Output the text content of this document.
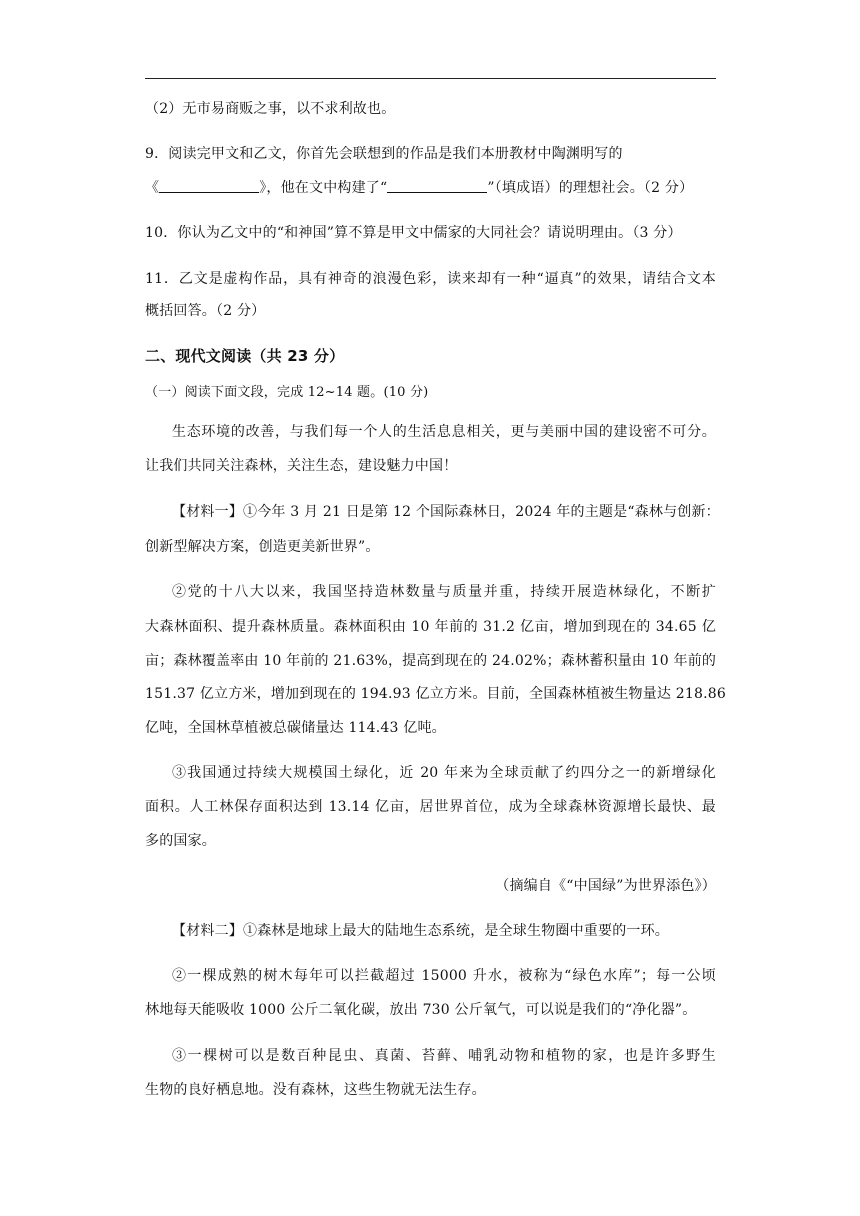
（2）无市易商贩之事，以不求利故也。
9．阅读完甲文和乙文，你首先会联想到的作品是我们本册教材中陶渊明写的
《	》，他在文中构建了“	”（填成语）的理想社会。（2 分）
10．你认为乙文中的“和神国”算不算是甲文中儒家的大同社会？请说明理由。（3 分）
11．乙文是虚构作品，具有神奇的浪漫色彩，读来却有一种“逼真”的效果，请结合文本
概括回答。（2 分）
二、现代文阅读（共 23 分）
（一）阅读下面文段，完成 12~14 题。(10 分)
生态环境的改善，与我们每一个人的生活息息相关，更与美丽中国的建设密不可分。
让我们共同关注森林，关注生态，建设魅力中国！
【材料一】①今年 3 月 21 日是第 12 个国际森林日，2024 年的主题是“森林与创新：
创新型解决方案，创造更美新世界”。
②党的十八大以来，我国坚持造林数量与质量并重，持续开展造林绿化，不断扩
大森林面积、提升森林质量。森林面积由 10 年前的 31.2 亿亩，增加到现在的 34.65 亿
亩；森林覆盖率由 10 年前的 21.63%，提高到现在的 24.02%；森林蓄积量由 10 年前的
151.37 亿立方米，增加到现在的 194.93 亿立方米。目前，全国森林植被生物量达 218.86
亿吨，全国林草植被总碳储量达 114.43 亿吨。
③我国通过持续大规模国土绿化，近 20 年来为全球贡献了约四分之一的新增绿化
面积。人工林保存面积达到 13.14 亿亩，居世界首位，成为全球森林资源增长最快、最
多的国家。
（摘编自《“中国绿”为世界添色》）
【材料二】①森林是地球上最大的陆地生态系统，是全球生物圈中重要的一环。
②一棵成熟的树木每年可以拦截超过 15000 升水，被称为“绿色水库”；每一公顷
林地每天能吸收 1000 公斤二氧化碳，放出 730 公斤氧气，可以说是我们的“净化器”。
③一棵树可以是数百种昆虫、真菌、苔藓、哺乳动物和植物的家，也是许多野生
生物的良好栖息地。没有森林，这些生物就无法生存。
